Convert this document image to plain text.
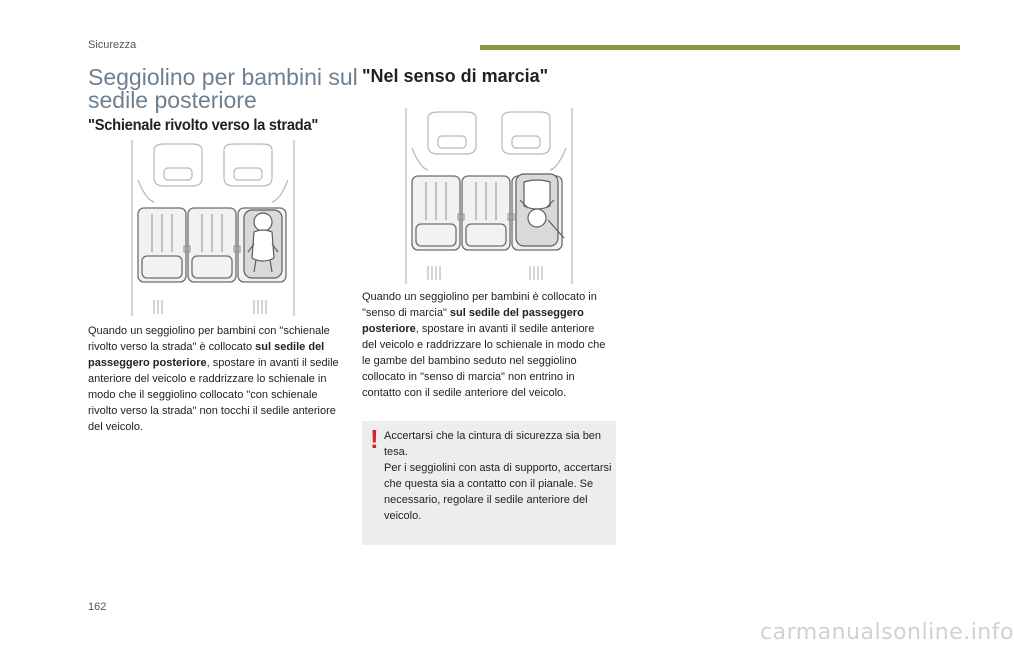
Sicurezza
Seggiolino per bambini sul sedile posteriore
"Schienale rivolto verso la strada"
"Nel senso di marcia"

Quando un seggiolino per bambini con "schienale rivolto verso la strada" è collocato sul sedile del passeggero posteriore, spostare in avanti il sedile anteriore del veicolo e raddrizzare lo schienale in modo che il seggiolino collocato "con schienale rivolto verso la strada" non tocchi il sedile anteriore del veicolo.

Quando un seggiolino per bambini è collocato in "senso di marcia" sul sedile del passeggero posteriore, spostare in avanti il sedile anteriore del veicolo e raddrizzare lo schienale in modo che le gambe del bambino seduto nel seggiolino collocato in "senso di marcia" non entrino in contatto con il sedile anteriore del veicolo.

! Accertarsi che la cintura di sicurezza sia ben tesa.
Per i seggiolini con asta di supporto, accertarsi che questa sia a contatto con il pianale. Se necessario, regolare il sedile anteriore del veicolo.
162
carmanualsonline.info
